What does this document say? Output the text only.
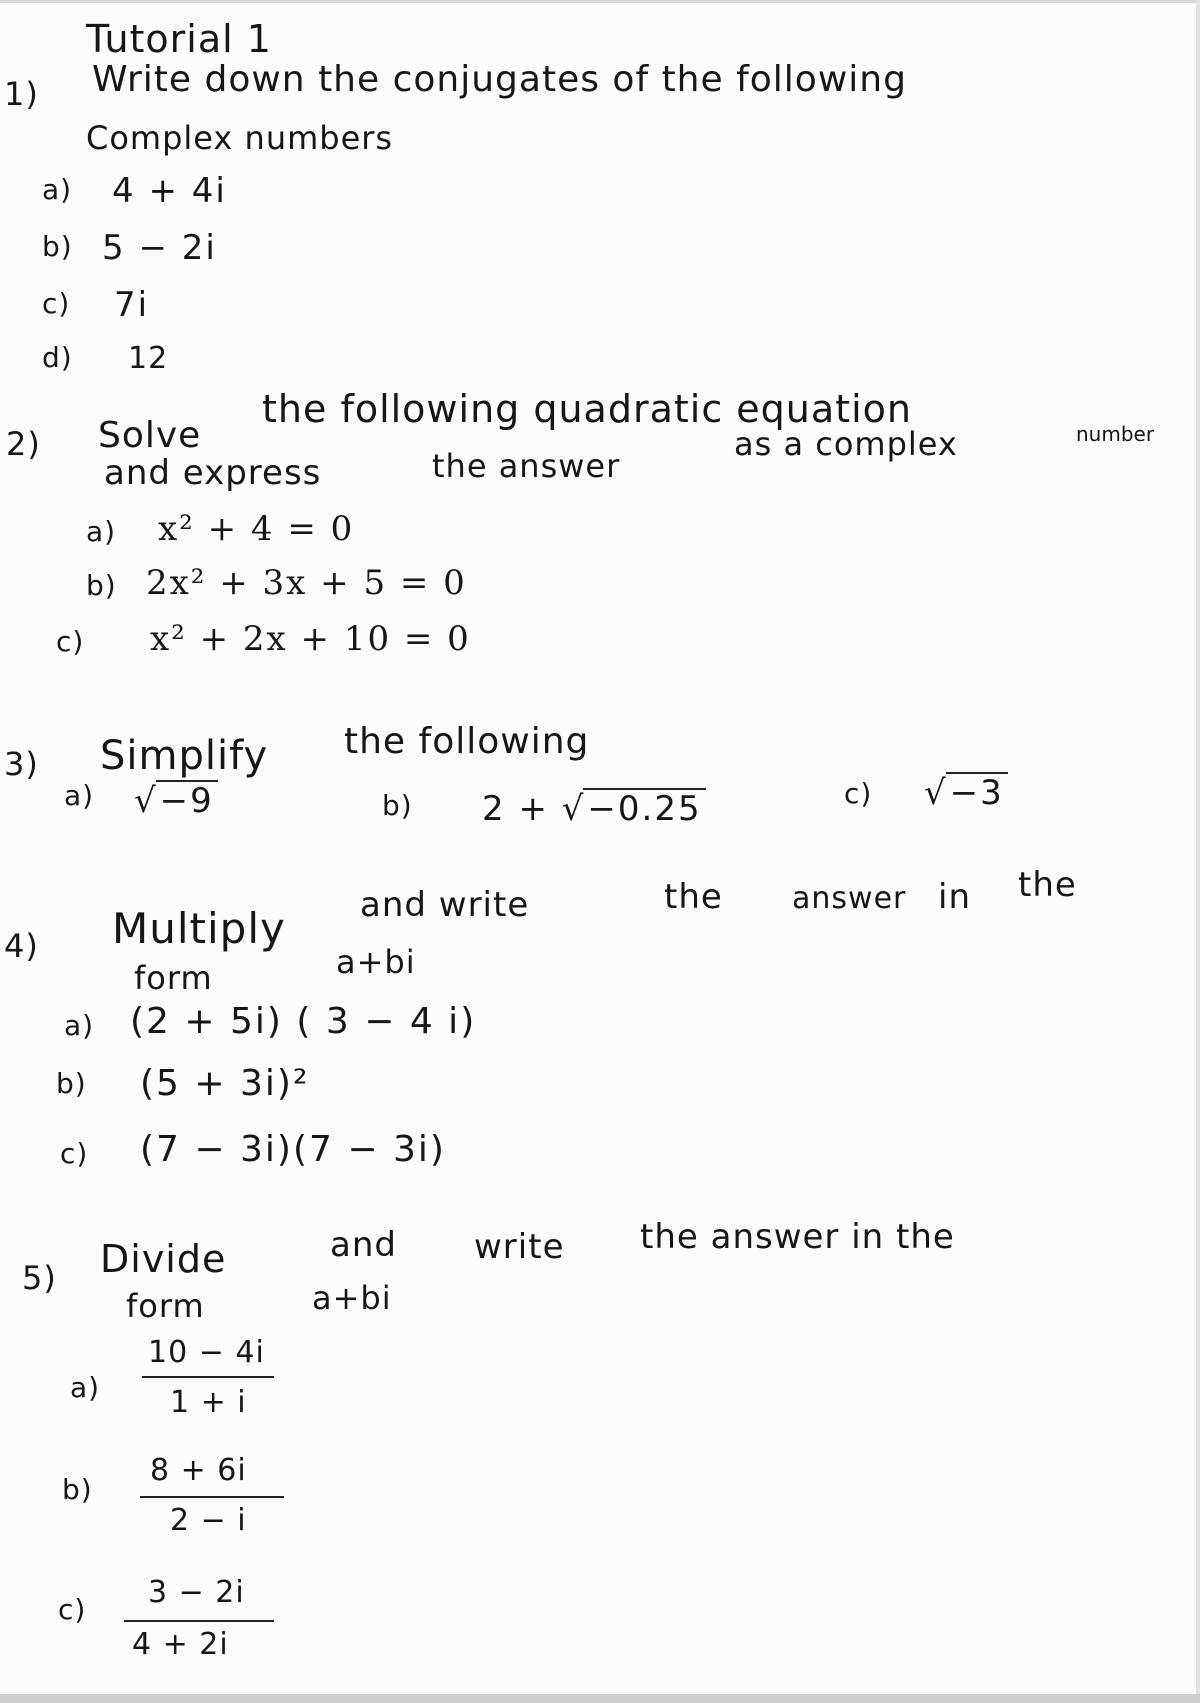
Tutorial 1
1) Write down the conjugates of the following
Complex numbers
a) 4 + 4i
b) 5 − 2i
c) 7i
d) 12
2) Solve
the following quadratic equation
and express	the answer
as a complex	number
a) x² + 4 = 0
b) 2x² + 3x + 5 = 0
c) x² + 2x + 10 = 0
3) Simplify the following
a) √−9	b) 2 + √−0.25	c) √−3
4) Multiply and write	the answer in the
form	a+bi
a) (2 + 5i) ( 3 − 4 i)
b) (5 + 3i)²
c) (7 − 3i)(7 − 3i)
5) Divide	and write the answer in the
form	a+bi
a)
10 − 4i
1 + i
b)
8 + 6i
2 − i
c) 3 − 2i
4 + 2i
